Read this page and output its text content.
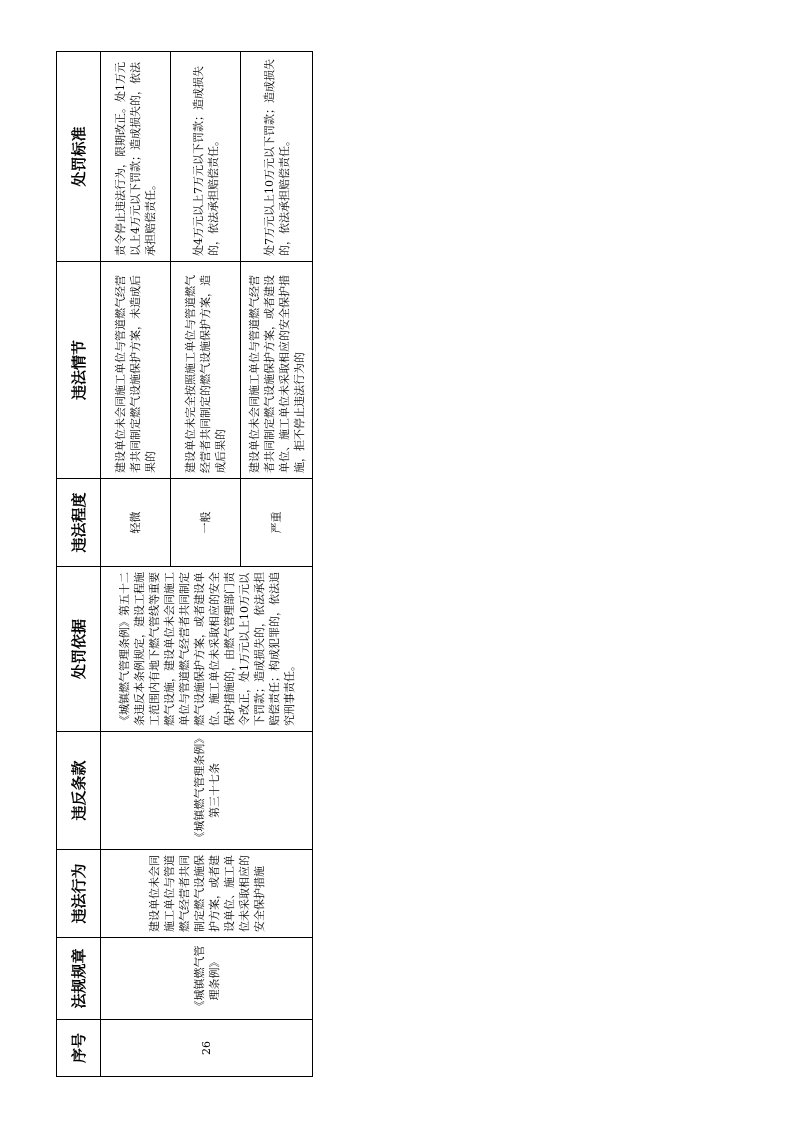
序号	法规规章	违法行为	违反条款	处罚依据	违法程度	违法情节	处罚标准
26	《城镇燃气管理条例》	建设单位未会同施工单位与管道燃气经营者共同制定燃气设施保护方案，或者建设单位、施工单位未采取相应的安全保护措施	《城镇燃气管理条例》第三十七条	《城镇燃气管理条例》第五十二条违反本条例规定，建设工程施工范围内有地下燃气管线等重要燃气设施，建设单位未会同施工单位与管道燃气经营者共同制定燃气设施保护方案，或者建设单位、施工单位未采取相应的安全保护措施的，由燃气管理部门责令改正，处1万元以上10万元以下罚款；造成损失的，依法承担赔偿责任；构成犯罪的，依法追究刑事责任。	轻微	建设单位未会同施工单位与管道燃气经营者共同制定燃气设施保护方案，未造成后果的	责令停止违法行为，限期改正。处1万元以上4万元以下罚款；造成损失的，依法承担赔偿责任。
					一般	建设单位未完全按照施工单位与管道燃气经营者共同制定的燃气设施保护方案，造成后果的	处4万元以上7万元以下罚款；造成损失的，依法承担赔偿责任。
					严重	建设单位未会同施工单位与管道燃气经营者共同制定燃气设施保护方案，或者建设单位、施工单位未采取相应的安全保护措施，拒不停止违法行为的	处7万元以上10万元以下罚款；造成损失的，依法承担赔偿责任。
